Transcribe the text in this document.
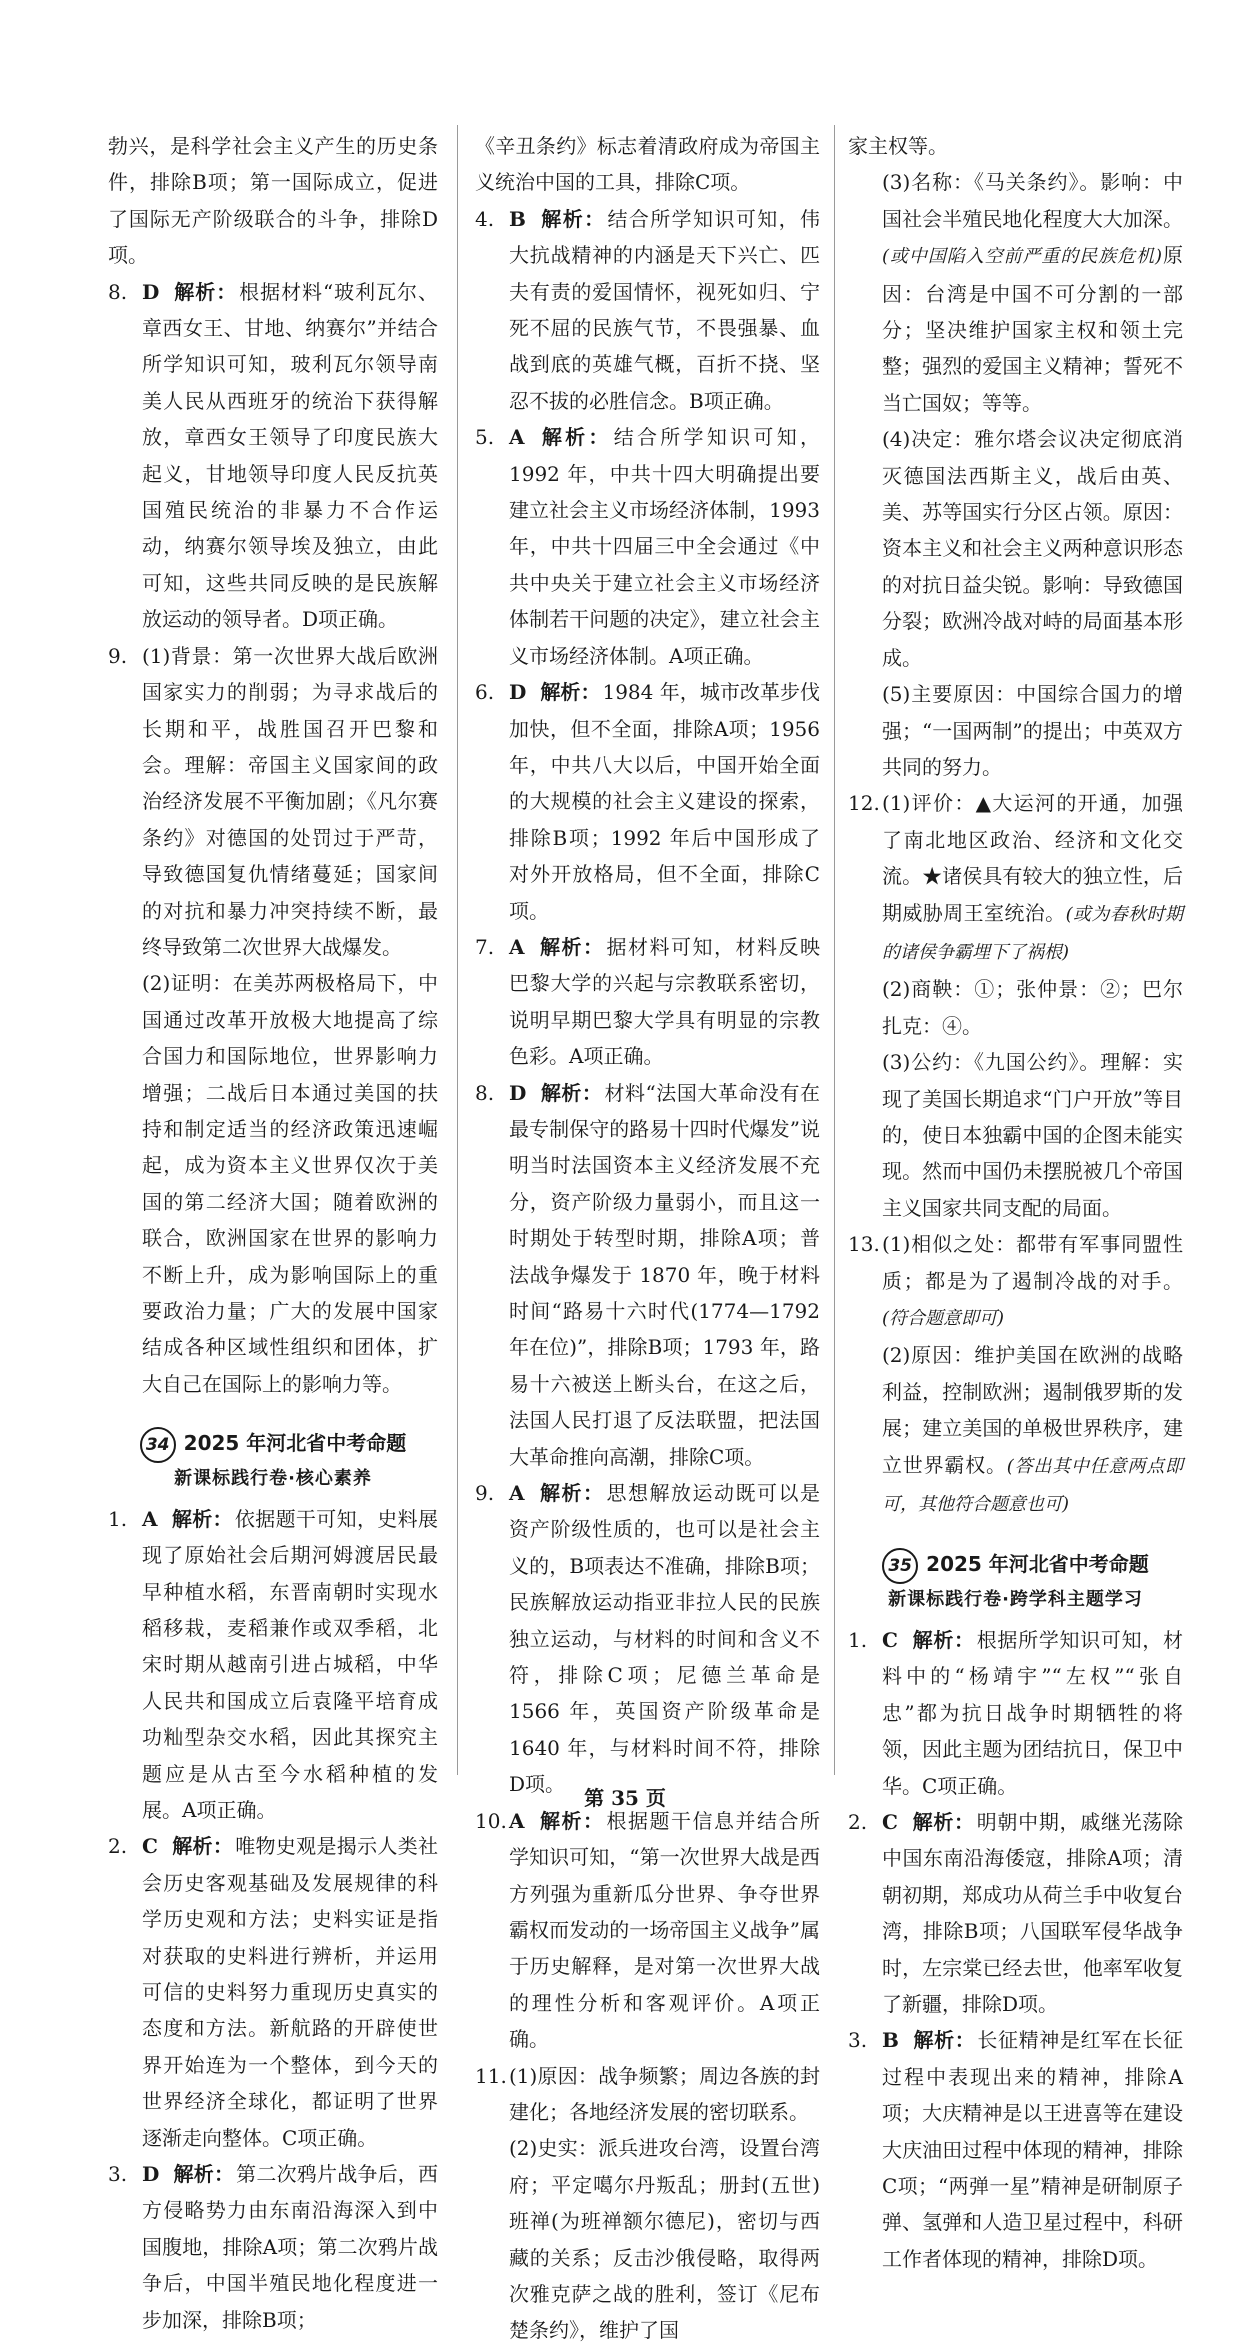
勃兴，是科学社会主义产生的历史条件，排除B项；第一国际成立，促进了国际无产阶级联合的斗争，排除D项。
8. D 解析： 根据材料“玻利瓦尔、章西女王、甘地、纳赛尔”并结合所学知识可知，玻利瓦尔领导南美人民从西班牙的统治下获得解放，章西女王领导了印度民族大起义，甘地领导印度人民反抗英国殖民统治的非暴力不合作运动，纳赛尔领导埃及独立，由此可知，这些共同反映的是民族解放运动的领导者。D项正确。
9. (1)背景：第一次世界大战后欧洲国家实力的削弱；为寻求战后的长期和平，战胜国召开巴黎和会。理解：帝国主义国家间的政治经济发展不平衡加剧；《凡尔赛条约》对德国的处罚过于严苛，导致德国复仇情绪蔓延；国家间的对抗和暴力冲突持续不断，最终导致第二次世界大战爆发。
(2)证明：在美苏两极格局下，中国通过改革开放极大地提高了综合国力和国际地位，世界影响力增强；二战后日本通过美国的扶持和制定适当的经济政策迅速崛起，成为资本主义世界仅次于美国的第二经济大国；随着欧洲的联合，欧洲国家在世界的影响力不断上升，成为影响国际上的重要政治力量；广大的发展中国家结成各种区域性组织和团体，扩大自己在国际上的影响力等。
34 2025 年河北省中考命题
新课标践行卷·核心素养
1. A 解析： 依据题干可知，史料展现了原始社会后期河姆渡居民最早种植水稻，东晋南朝时实现水稻移栽，麦稻兼作或双季稻，北宋时期从越南引进占城稻，中华人民共和国成立后袁隆平培育成功籼型杂交水稻，因此其探究主题应是从古至今水稻种植的发展。A项正确。
2. C 解析： 唯物史观是揭示人类社会历史客观基础及发展规律的科学历史观和方法；史料实证是指对获取的史料进行辨析，并运用可信的史料努力重现历史真实的态度和方法。新航路的开辟使世界开始连为一个整体，到今天的世界经济全球化，都证明了世界逐渐走向整体。C项正确。
3. D 解析： 第二次鸦片战争后，西方侵略势力由东南沿海深入到中国腹地，排除A项；第二次鸦片战争后，中国半殖民地化程度进一步加深，排除B项；
《辛丑条约》标志着清政府成为帝国主义统治中国的工具，排除C项。
4. B 解析： 结合所学知识可知，伟大抗战精神的内涵是天下兴亡、匹夫有责的爱国情怀，视死如归、宁死不屈的民族气节，不畏强暴、血战到底的英雄气概，百折不挠、坚忍不拔的必胜信念。B项正确。
5. A 解析： 结合所学知识可知，1992 年，中共十四大明确提出要建立社会主义市场经济体制，1993 年，中共十四届三中全会通过《中共中央关于建立社会主义市场经济体制若干问题的决定》，建立社会主义市场经济体制。A项正确。
6. D 解析： 1984 年，城市改革步伐加快，但不全面，排除A项；1956 年，中共八大以后，中国开始全面的大规模的社会主义建设的探索，排除B项；1992 年后中国形成了对外开放格局，但不全面，排除C项。
7. A 解析： 据材料可知，材料反映巴黎大学的兴起与宗教联系密切，说明早期巴黎大学具有明显的宗教色彩。A项正确。
8. D 解析： 材料“法国大革命没有在最专制保守的路易十四时代爆发”说明当时法国资本主义经济发展不充分，资产阶级力量弱小，而且这一时期处于转型时期，排除A项；普法战争爆发于 1870 年，晚于材料时间“路易十六时代(1774—1792 年在位)”，排除B项；1793 年，路易十六被送上断头台，在这之后，法国人民打退了反法联盟，把法国大革命推向高潮，排除C项。
9. A 解析： 思想解放运动既可以是资产阶级性质的，也可以是社会主义的，B项表达不准确，排除B项；民族解放运动指亚非拉人民的民族独立运动，与材料的时间和含义不符，排除C项；尼德兰革命是 1566 年，英国资产阶级革命是 1640 年，与材料时间不符，排除D项。
10. A 解析： 根据题干信息并结合所学知识可知，“第一次世界大战是西方列强为重新瓜分世界、争夺世界霸权而发动的一场帝国主义战争”属于历史解释，是对第一次世界大战的理性分析和客观评价。A项正确。
11. (1)原因：战争频繁；周边各族的封建化；各地经济发展的密切联系。
(2)史实：派兵进攻台湾，设置台湾府；平定噶尔丹叛乱；册封(五世)班禅(为班禅额尔德尼)，密切与西藏的关系；反击沙俄侵略，取得两次雅克萨之战的胜利，签订《尼布楚条约》，维护了国
家主权等。
(3)名称：《马关条约》。影响：中国社会半殖民地化程度大大加深。(或中国陷入空前严重的民族危机)原因：台湾是中国不可分割的一部分；坚决维护国家主权和领土完整；强烈的爱国主义精神；誓死不当亡国奴；等等。
(4)决定：雅尔塔会议决定彻底消灭德国法西斯主义，战后由英、美、苏等国实行分区占领。原因：资本主义和社会主义两种意识形态的对抗日益尖锐。影响：导致德国分裂；欧洲冷战对峙的局面基本形成。
(5)主要原因：中国综合国力的增强；“一国两制”的提出；中英双方共同的努力。
12. (1)评价：▲大运河的开通，加强了南北地区政治、经济和文化交流。★诸侯具有较大的独立性，后期威胁周王室统治。(或为春秋时期的诸侯争霸埋下了祸根)
(2)商鞅：①；张仲景：②；巴尔扎克：④。
(3)公约：《九国公约》。理解：实现了美国长期追求“门户开放”等目的，使日本独霸中国的企图未能实现。然而中国仍未摆脱被几个帝国主义国家共同支配的局面。
13. (1)相似之处：都带有军事同盟性质；都是为了遏制冷战的对手。(符合题意即可)
(2)原因：维护美国在欧洲的战略利益，控制欧洲；遏制俄罗斯的发展；建立美国的单极世界秩序，建立世界霸权。(答出其中任意两点即可，其他符合题意也可)
35 2025 年河北省中考命题
新课标践行卷·跨学科主题学习
1. C 解析： 根据所学知识可知，材料中的“杨靖宇”“左权”“张自忠”都为抗日战争时期牺牲的将领，因此主题为团结抗日，保卫中华。C项正确。
2. C 解析： 明朝中期，戚继光荡除中国东南沿海倭寇，排除A项；清朝初期，郑成功从荷兰手中收复台湾，排除B项；八国联军侵华战争时，左宗棠已经去世，他率军收复了新疆，排除D项。
3. B 解析： 长征精神是红军在长征过程中表现出来的精神，排除A项；大庆精神是以王进喜等在建设大庆油田过程中体现的精神，排除C项；“两弹一星”精神是研制原子弹、氢弹和人造卫星过程中，科研工作者体现的精神，排除D项。
第 35 页
